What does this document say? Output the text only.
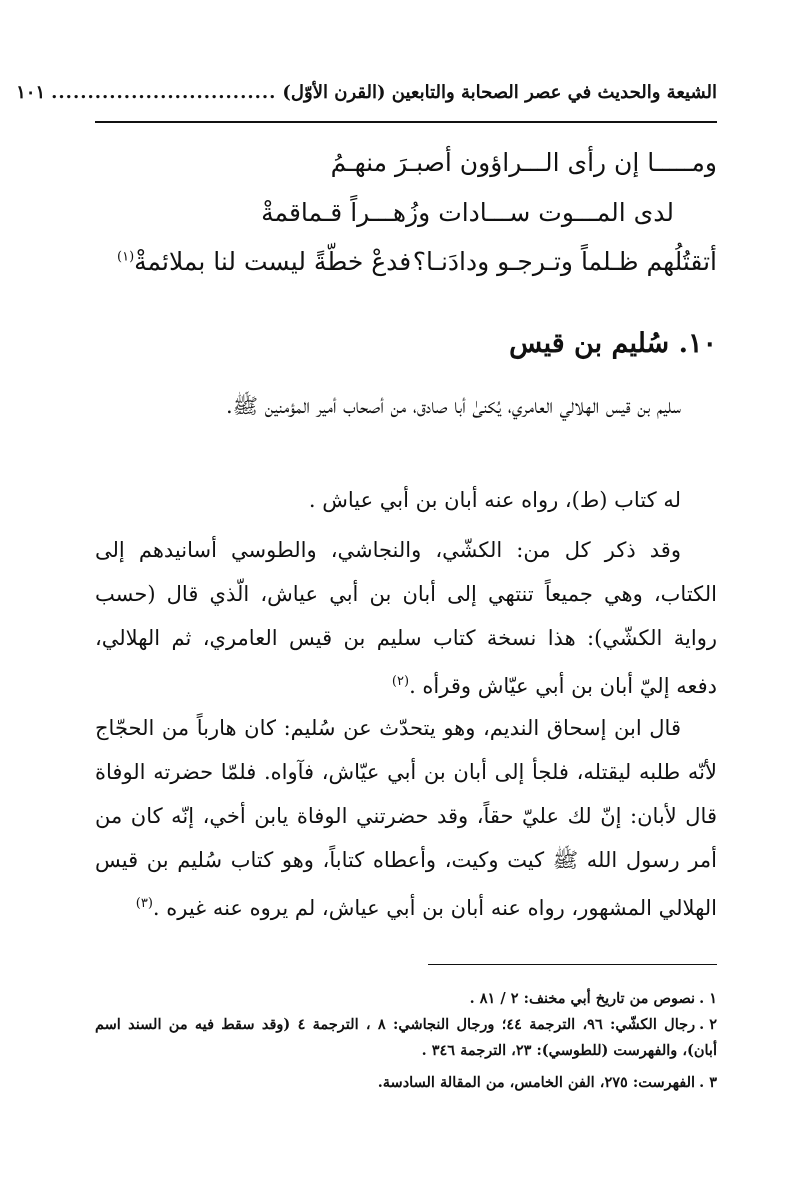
الشيعة والحديث في عصر الصحابة والتابعين (القرن الأوّل)
...............................
١٠١
ومـــــا إن رأى الـــراؤون أصبـرَ منهـمُ
لدى المـــوت ســـادات وزُهـــراً قـماقمةْ
أتقتُلُهم ظـلماً وتـرجـو ودادَنـا؟
فدعْ خطّةً ليست لنا بملائمةْ$^{(١)}$
١٠. سُليم بن قيس

سليم بن قيس الهلالي العامري، يُكنىٰ أبا صادق، من أصحاب أمير المؤمنين ﷺ.

له كتاب (ط)، رواه عنه أبان بن أبي عياش .

وقد ذكر كل من: الكشّي، والنجاشي، والطوسي أسانيدهم إلى الكتاب، وهي جميعاً تنتهي إلى أبان بن أبي عياش، الّذي قال (حسب رواية الكشّي): هذا نسخة كتاب سليم بن قيس العامري، ثم الهلالي، دفعه إليّ أبان بن أبي عيّاش وقرأه .$^{(٢)}$

قال ابن إسحاق النديم، وهو يتحدّث عن سُليم: كان هارباً من الحجّاج لأنّه طلبه ليقتله، فلجأ إلى أبان بن أبي عيّاش، فآواه. فلمّا حضرته الوفاة قال لأبان: إنّ لك عليّ حقاً، وقد حضرتني الوفاة يابن أخي، إنّه كان من أمر رسول الله ﷺ كيت وكيت، وأعطاه كتاباً، وهو كتاب سُليم بن قيس الهلالي المشهور، رواه عنه أبان بن أبي عياش، لم يروه عنه غيره .$^{(٣)}$

١ .نصوص من تاريخ أبي مخنف: ٢ / ٨١ .
٢ .رجال الكشّي: ٩٦، الترجمة ٤٤؛ ورجال النجاشي: ٨ ، الترجمة ٤ (وقد سقط فيه من السند اسم أبان)، والفهرست (للطوسي): ٢٣، الترجمة ٣٤٦ .
٣ .الفهرست: ٢٧٥، الفن الخامس، من المقالة السادسة.
